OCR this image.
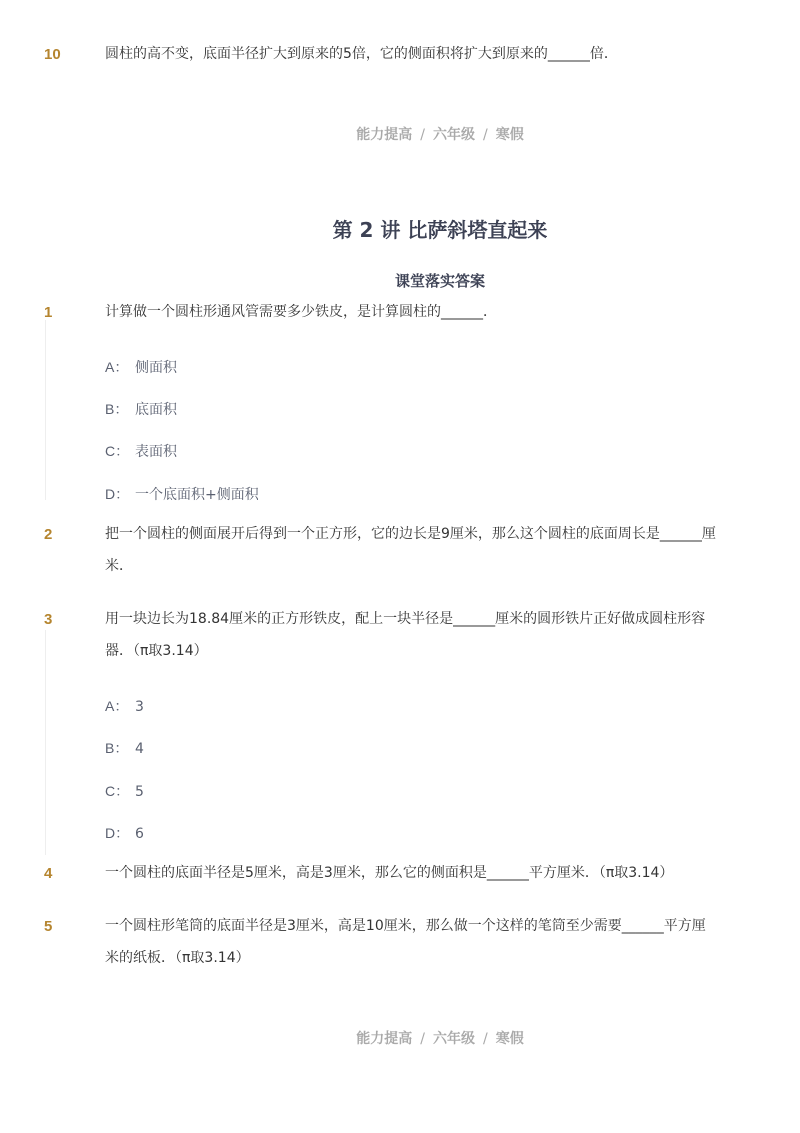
10	圆柱的高不变，底面半径扩大到原来的5倍，它的侧面积将扩大到原来的______倍．
能力提高 / 六年级 / 寒假
第 2 讲 比萨斜塔直起来
课堂落实答案
1	计算做一个圆柱形通风管需要多少铁皮，是计算圆柱的______．
A： 侧面积
B： 底面积
C： 表面积
D： 一个底面积+侧面积
2	把一个圆柱的侧面展开后得到一个正方形，它的边长是9厘米，那么这个圆柱的底面周长是______厘米．
3	用一块边长为18.84厘米的正方形铁皮，配上一块半径是______厘米的圆形铁片正好做成圆柱形容器．（π取3.14）
A： 3
B： 4
C： 5
D： 6
4	一个圆柱的底面半径是5厘米，高是3厘米，那么它的侧面积是______平方厘米．（π取3.14）
5	一个圆柱形笔筒的底面半径是3厘米，高是10厘米，那么做一个这样的笔筒至少需要______平方厘米的纸板．（π取3.14）
能力提高 / 六年级 / 寒假
